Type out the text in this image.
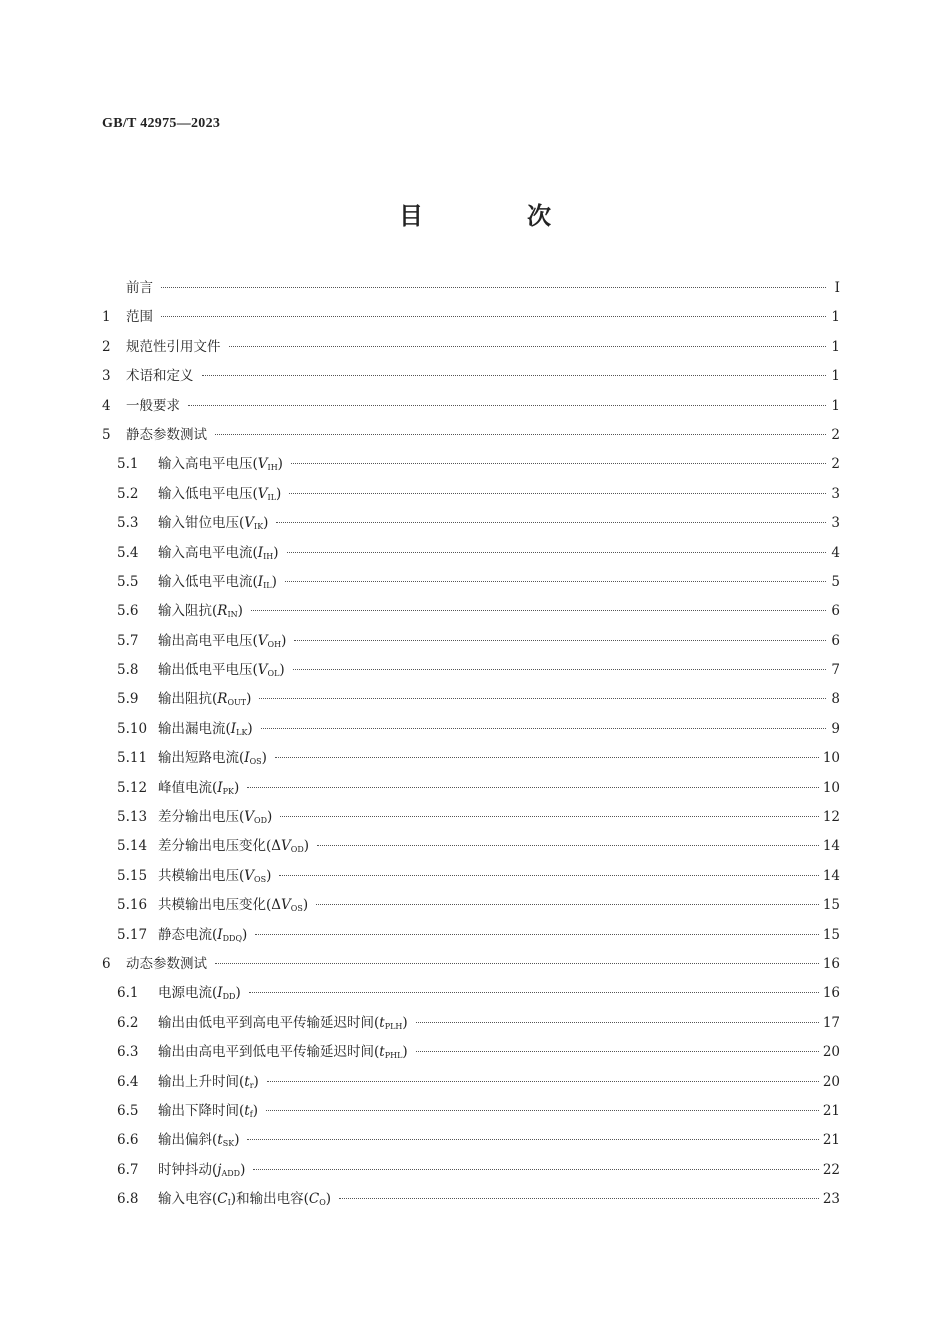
GB/T 42975—2023
目　次
前言	Ⅰ
1	范围	1
2	规范性引用文件	1
3	术语和定义	1
4	一般要求	1
5	静态参数测试	2
5.1	输入高电平电压$(V_{IH})$	2
5.2	输入低电平电压$(V_{IL})$	3
5.3	输入钳位电压$(V_{IK})$	3
5.4	输入高电平电流$(I_{IH})$	4
5.5	输入低电平电流$(I_{IL})$	5
5.6	输入阻抗$(R_{IN})$	6
5.7	输出高电平电压$(V_{OH})$	6
5.8	输出低电平电压$(V_{OL})$	7
5.9	输出阻抗$(R_{OUT})$	8
5.10 输出漏电流$(I_{LK})$	9
5.11 输出短路电流$(I_{OS})$	10
5.12 峰值电流$(I_{PK})$	10
5.13 差分输出电压$(V_{OD})$	12
5.14 差分输出电压变化$(\Delta V_{OD})$	14
5.15 共模输出电压$(V_{OS})$	14
5.16 共模输出电压变化$(\Delta V_{OS})$	15
5.17 静态电流$(I_{DDQ})$	15
6	动态参数测试	16
6.1	电源电流$(I_{DD})$	16
6.2	输出由低电平到高电平传输延迟时间$(t_{PLH})$	17
6.3	输出由高电平到低电平传输延迟时间$(t_{PHL})$	20
6.4	输出上升时间$(t_r)$	20
6.5	输出下降时间$(t_f)$	21
6.6	输出偏斜$(t_{SK})$	21
6.7	时钟抖动$(j_{ADD})$	22
6.8	输入电容$(C_I)$和输出电容$(C_O)$	23
